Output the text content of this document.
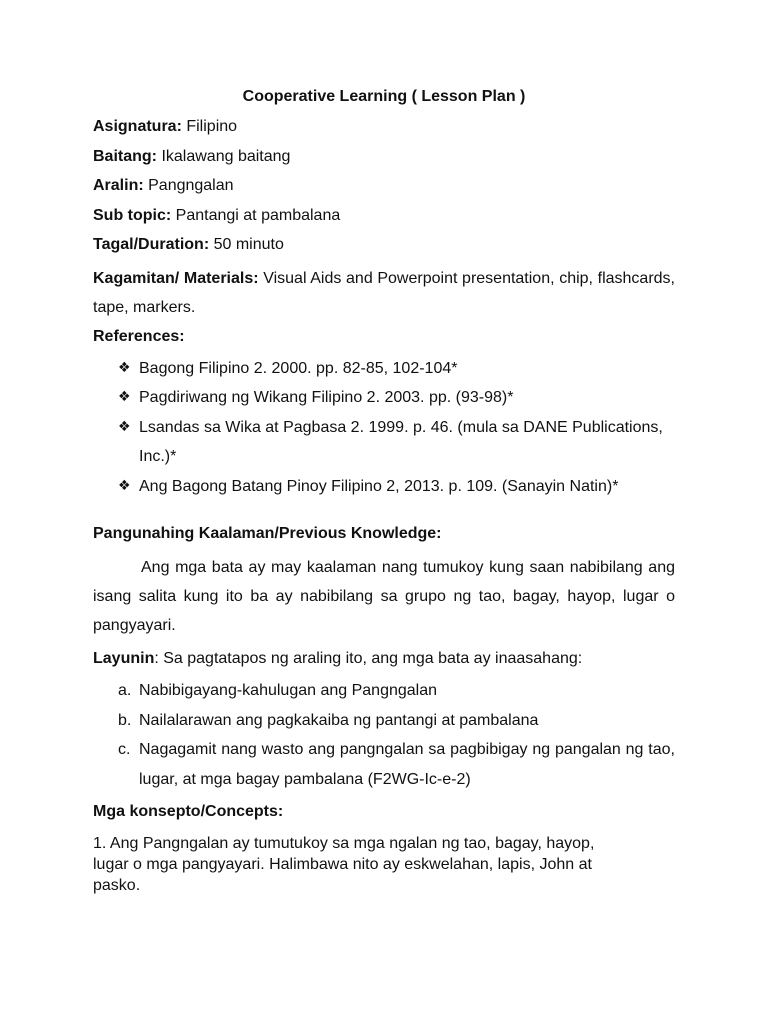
Cooperative Learning ( Lesson Plan )
Asignatura: Filipino
Baitang: Ikalawang baitang
Aralin: Pangngalan
Sub topic: Pantangi at pambalana
Tagal/Duration: 50 minuto
Kagamitan/ Materials: Visual Aids and Powerpoint presentation, chip, flashcards, tape, markers.
References:
❖ Bagong Filipino 2. 2000. pp. 82-85, 102-104*
❖ Pagdiriwang ng Wikang Filipino 2. 2003. pp. (93-98)*
❖ Lsandas sa Wika at Pagbasa 2. 1999. p. 46. (mula sa DANE Publications, Inc.)*
❖ Ang Bagong Batang Pinoy Filipino 2, 2013. p. 109. (Sanayin Natin)*
Pangunahing Kaalaman/Previous Knowledge:

Ang mga bata ay may kaalaman nang tumukoy kung saan nabibilang ang isang salita kung ito ba ay nabibilang sa grupo ng tao, bagay, hayop, lugar o pangyayari.

Layunin: Sa pagtatapos ng araling ito, ang mga bata ay inaasahang:
a. Nabibigayang-kahulugan ang Pangngalan
b. Nailalarawan ang pagkakaiba ng pantangi at pambalana
c. Nagagamit nang wasto ang pangngalan sa pagbibigay ng pangalan ng tao, lugar, at mga bagay pambalana (F2WG-Ic-e-2)
Mga konsepto/Concepts:

1. Ang Pangngalan ay tumutukoy sa mga ngalan ng tao, bagay, hayop, lugar o mga pangyayari. Halimbawa nito ay eskwelahan, lapis, John at pasko.
